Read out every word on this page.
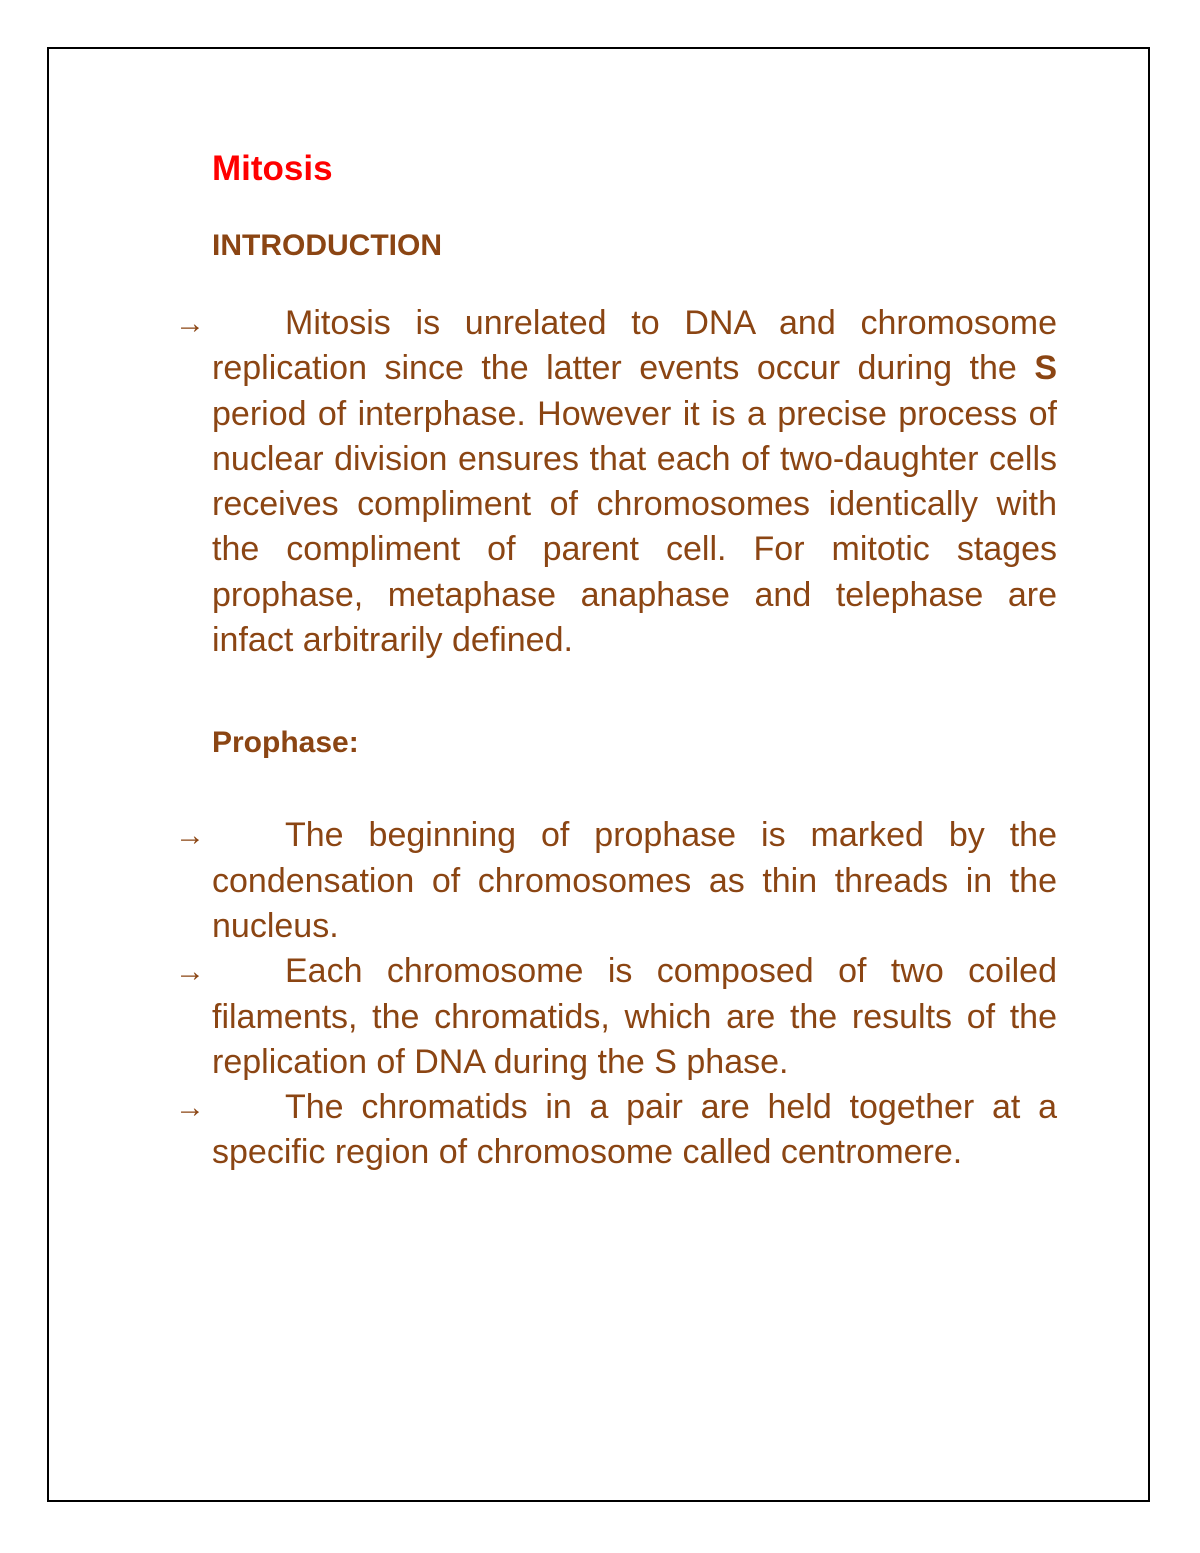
Mitosis
INTRODUCTION
→ Mitosis is unrelated to DNA and chromosome replication since the latter events occur during the S period of interphase. However it is a precise process of nuclear division ensures that each of two-daughter cells receives compliment of chromosomes identically with the compliment of parent cell. For mitotic stages prophase, metaphase anaphase and telephase are infact arbitrarily defined.
Prophase:
→ The beginning of prophase is marked by the condensation of chromosomes as thin threads in the nucleus.
→ Each chromosome is composed of two coiled filaments, the chromatids, which are the results of the replication of DNA during the S phase.
→ The chromatids in a pair are held together at a specific region of chromosome called centromere.
